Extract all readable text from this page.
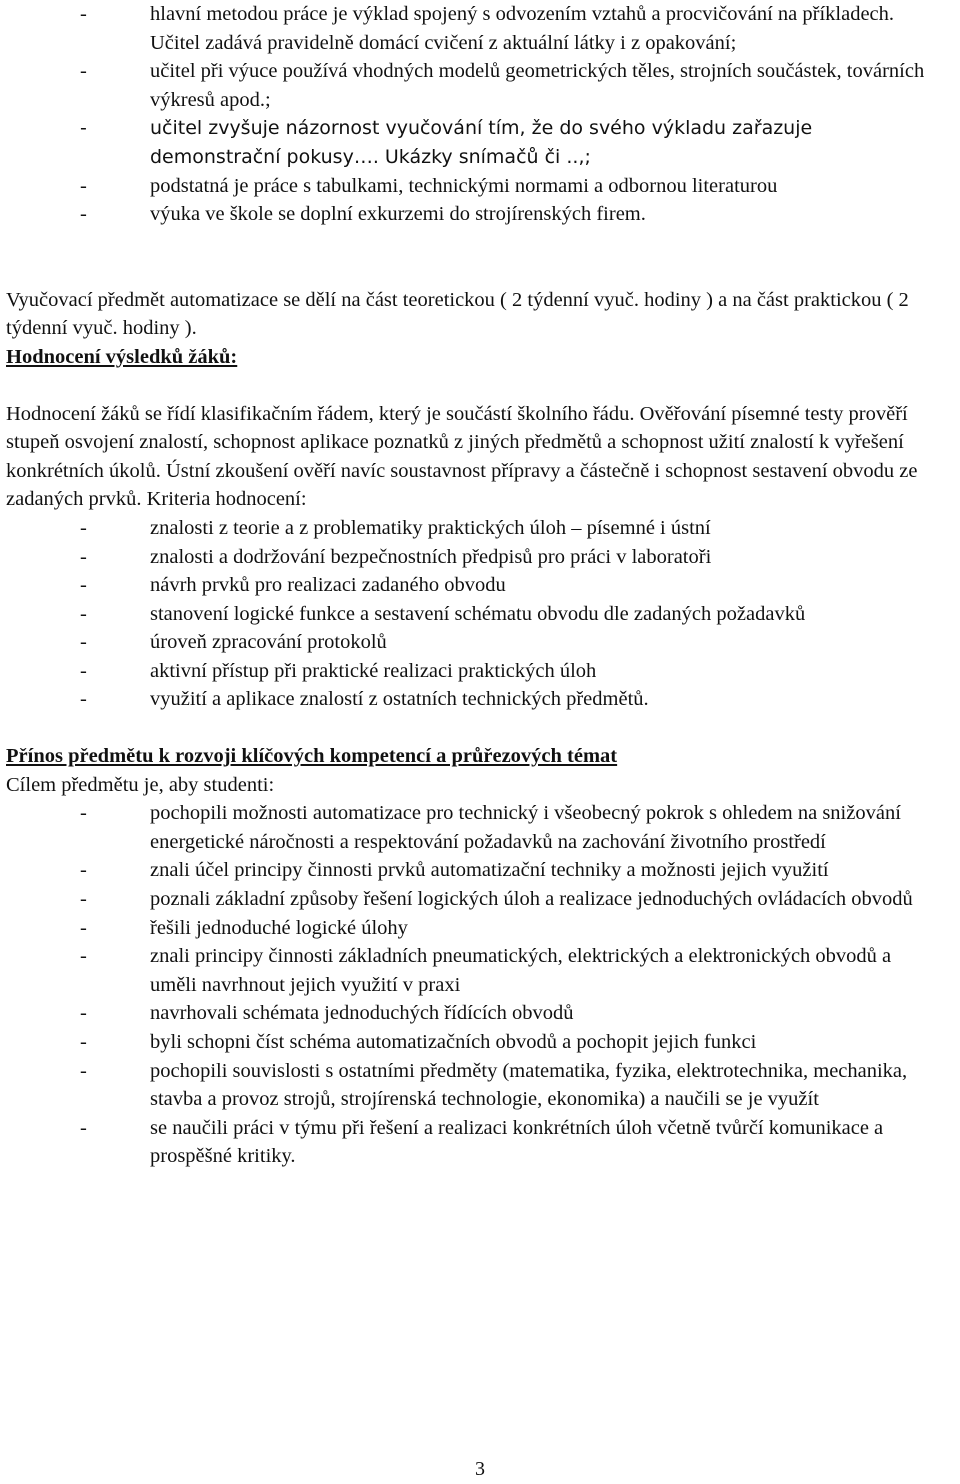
-	hlavní metodou práce je výklad spojený s odvozením vztahů a procvičování na příkladech. Učitel zadává pravidelně domácí cvičení z aktuální látky i z opakování;
-	učitel při výuce používá vhodných modelů geometrických těles, strojních součástek, továrních výkresů apod.;
-	učitel zvyšuje názornost vyučování tím, že do svého výkladu zařazuje demonstrační pokusy…. Ukázky snímačů či ..,;
-	podstatná je práce s tabulkami, technickými normami a odbornou literaturou
-	výuka ve škole se doplní exkurzemi do strojírenských firem.

Vyučovací předmět automatizace se dělí na část teoretickou ( 2 týdenní vyuč. hodiny ) a na část praktickou ( 2 týdenní vyuč. hodiny ).

Hodnocení výsledků žáků:

Hodnocení žáků se řídí klasifikačním řádem, který je součástí školního řádu. Ověřování písemné testy prověří stupeň osvojení znalostí, schopnost aplikace poznatků z jiných předmětů a schopnost užití znalostí k vyřešení konkrétních úkolů. Ústní zkoušení ověří navíc soustavnost přípravy a částečně i schopnost sestavení obvodu ze zadaných prvků. Kriteria hodnocení:

-	znalosti z teorie a z problematiky praktických úloh – písemné i ústní
-	znalosti a dodržování bezpečnostních předpisů pro práci v laboratoři
-	návrh prvků pro realizaci zadaného obvodu
-	stanovení logické funkce a sestavení schématu obvodu dle zadaných požadavků
-	úroveň zpracování protokolů
-	aktivní přístup při praktické realizaci praktických úloh
-	využití a aplikace znalostí z ostatních technických předmětů.

Přínos předmětu k rozvoji klíčových kompetencí a průřezových témat

Cílem předmětu je, aby studenti:

-	pochopili možnosti automatizace pro technický i všeobecný pokrok s ohledem na snižování energetické náročnosti a respektování požadavků na zachování životního prostředí
-	znali účel principy činnosti prvků automatizační techniky a možnosti jejich využití
-	poznali základní způsoby řešení logických úloh a realizace jednoduchých ovládacích obvodů
-	řešili jednoduché logické úlohy
-	znali principy činnosti základních pneumatických, elektrických a elektronických obvodů a uměli navrhnout jejich využití v praxi
-	navrhovali schémata jednoduchých řídících obvodů
-	byli schopni číst schéma automatizačních obvodů a pochopit jejich funkci
-	pochopili souvislosti s ostatními předměty (matematika, fyzika, elektrotechnika, mechanika, stavba a provoz strojů, strojírenská technologie, ekonomika) a naučili se je využít
-	se naučili práci v týmu při řešení a realizaci konkrétních úloh včetně tvůrčí komunikace a prospěšné kritiky.
3
